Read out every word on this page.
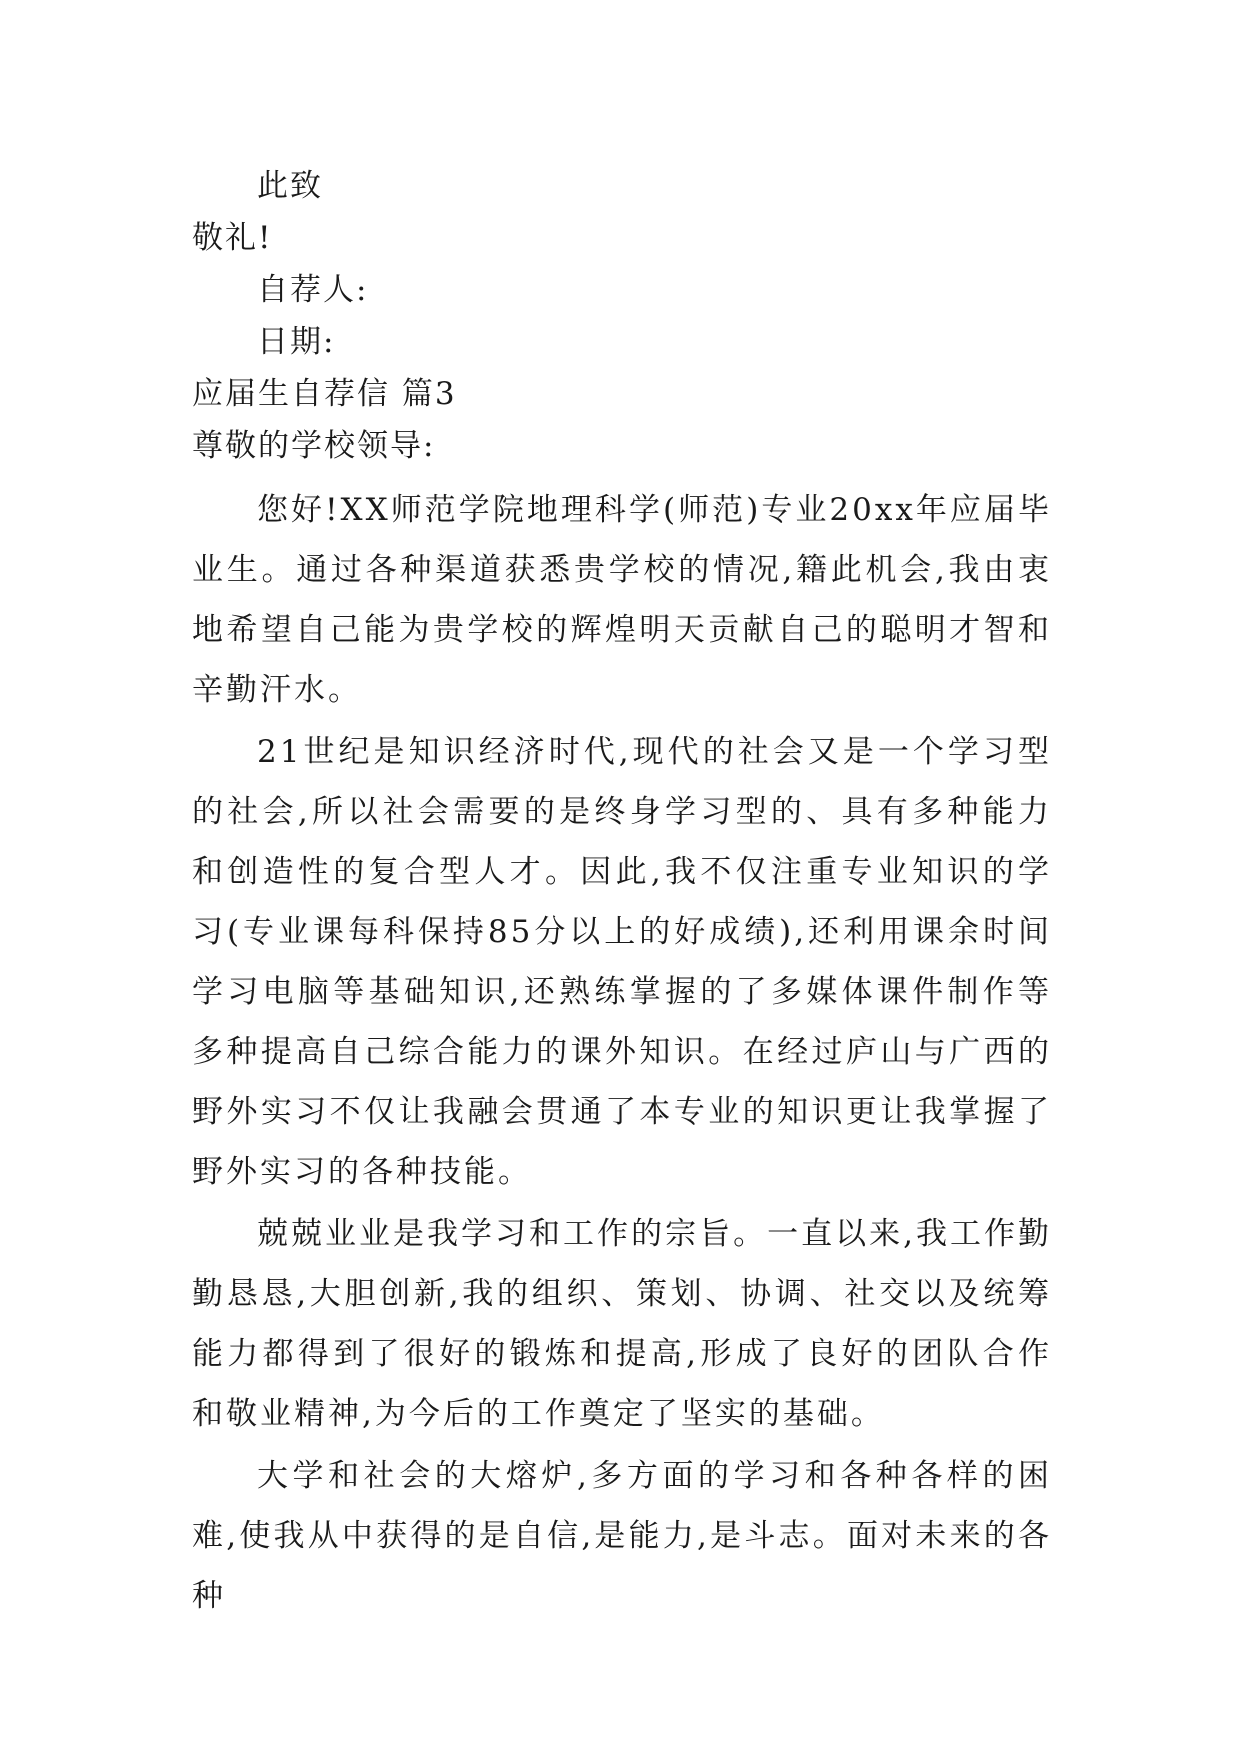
此致
敬礼!
自荐人:
日期:
应届生自荐信 篇3
尊敬的学校领导:

您好!XX师范学院地理科学(师范)专业20xx年应届毕业生。通过各种渠道获悉贵学校的情况,籍此机会,我由衷地希望自己能为贵学校的辉煌明天贡献自己的聪明才智和辛勤汗水。

21世纪是知识经济时代,现代的社会又是一个学习型的社会,所以社会需要的是终身学习型的、具有多种能力和创造性的复合型人才。因此,我不仅注重专业知识的学习(专业课每科保持85分以上的好成绩),还利用课余时间学习电脑等基础知识,还熟练掌握的了多媒体课件制作等多种提高自己综合能力的课外知识。在经过庐山与广西的野外实习不仅让我融会贯通了本专业的知识更让我掌握了野外实习的各种技能。

兢兢业业是我学习和工作的宗旨。一直以来,我工作勤勤恳恳,大胆创新,我的组织、策划、协调、社交以及统筹能力都得到了很好的锻炼和提高,形成了良好的团队合作和敬业精神,为今后的工作奠定了坚实的基础。

大学和社会的大熔炉,多方面的学习和各种各样的困难,使我从中获得的是自信,是能力,是斗志。面对未来的各种
